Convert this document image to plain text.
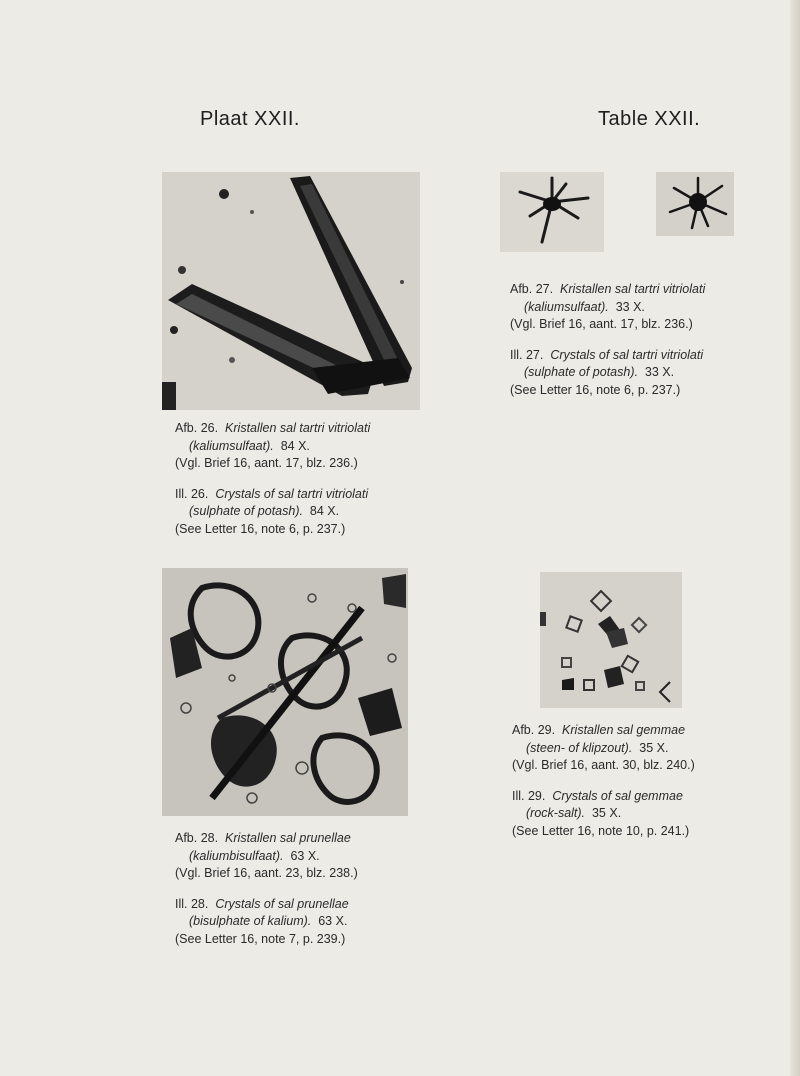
Plaat XXII.	Table XXII.
Afb. 26. Kristallen sal tartri vitriolati
(kaliumsulfaat). 84 X.
(Vgl. Brief 16, aant. 17, blz. 236.)
Ill. 26. Crystals of sal tartri vitriolati
(sulphate of potash). 84 X.
(See Letter 16, note 6, p. 237.)
Afb. 27. Kristallen sal tartri vitriolati
(kaliumsulfaat). 33 X.
(Vgl. Brief 16, aant. 17, blz. 236.)
Ill. 27. Crystals of sal tartri vitriolati
(sulphate of potash). 33 X.
(See Letter 16, note 6, p. 237.)
Afb. 28. Kristallen sal prunellae
(kaliumbisulfaat). 63 X.
(Vgl. Brief 16, aant. 23, blz. 238.)
Ill. 28. Crystals of sal prunellae
(bisulphate of kalium). 63 X.
(See Letter 16, note 7, p. 239.)
Afb. 29. Kristallen sal gemmae
(steen- of klipzout). 35 X.
(Vgl. Brief 16, aant. 30, blz. 240.)
Ill. 29. Crystals of sal gemmae
(rock-salt). 35 X.
(See Letter 16, note 10, p. 241.)
